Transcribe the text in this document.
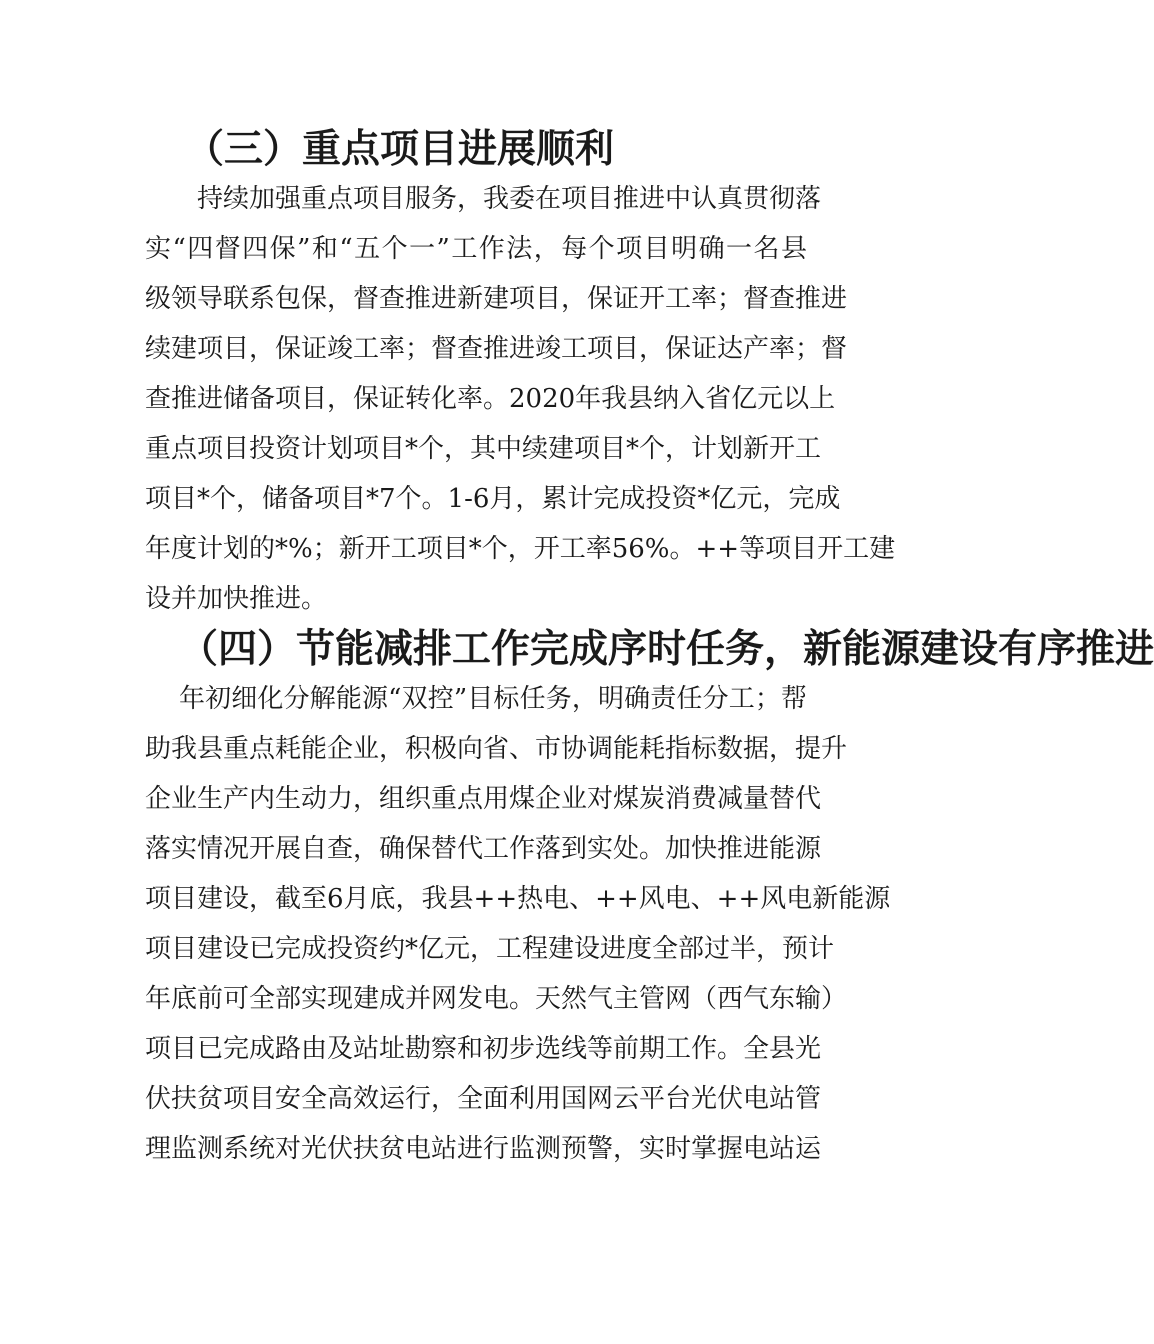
（三）重点项目进展顺利
持续加强重点项目服务，我委在项目推进中认真贯彻落
实“四督四保”和“五个一”工作法，每个项目明确一名县
级领导联系包保，督查推进新建项目，保证开工率；督查推进
续建项目，保证竣工率；督查推进竣工项目，保证达产率；督
查推进储备项目，保证转化率。2020年我县纳入省亿元以上
重点项目投资计划项目*个，其中续建项目*个，计划新开工
项目*个，储备项目*7个。1-6月，累计完成投资*亿元，完成
年度计划的*%；新开工项目*个，开工率56%。++等项目开工建
设并加快推进。
（四）节能减排工作完成序时任务，新能源建设有序推进
年初细化分解能源“双控”目标任务，明确责任分工；帮
助我县重点耗能企业，积极向省、市协调能耗指标数据，提升
企业生产内生动力，组织重点用煤企业对煤炭消费减量替代
落实情况开展自查，确保替代工作落到实处。加快推进能源
项目建设，截至6月底，我县++热电、++风电、++风电新能源
项目建设已完成投资约*亿元，工程建设进度全部过半，预计
年底前可全部实现建成并网发电。天然气主管网（西气东输）
项目已完成路由及站址勘察和初步选线等前期工作。全县光
伏扶贫项目安全高效运行，全面利用国网云平台光伏电站管
理监测系统对光伏扶贫电站进行监测预警，实时掌握电站运
